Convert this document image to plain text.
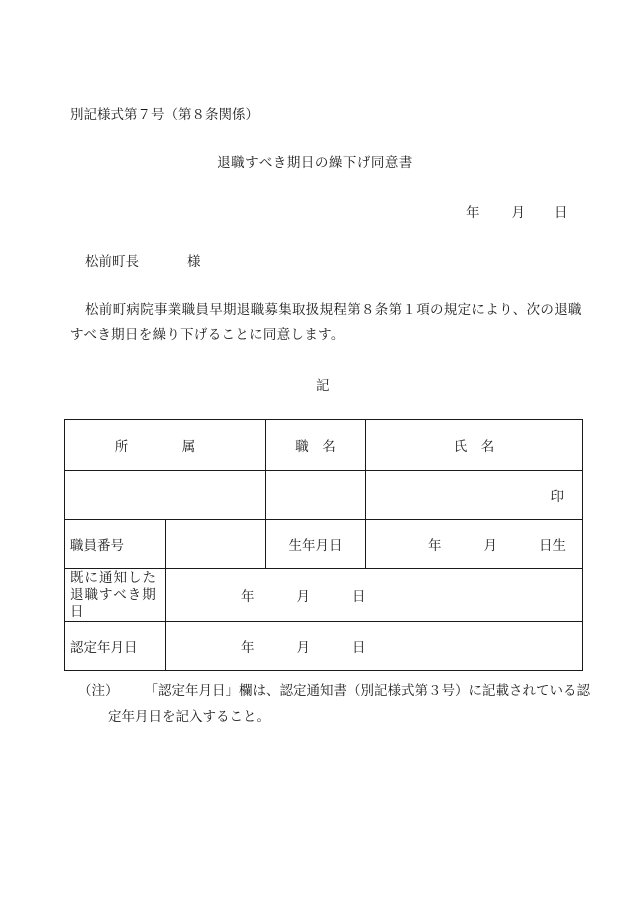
別記様式第７号（第８条関係）
退職すべき期日の繰下げ同意書
年 月 日
松前町長	様
松前町病院事業職員早期退職募集取扱規程第８条第１項の規定により、次の退職すべき期日を繰り下げることに同意します。
記
所　属		職　名	氏　名
			印
職員番号		生年月日	年 月 日生
既に通知した退職すべき期日	年 月 日		
認定年月日	年 月 日		
（注） 「認定年月日」欄は、認定通知書（別記様式第３号）に記載されている認
定年月日を記入すること。
